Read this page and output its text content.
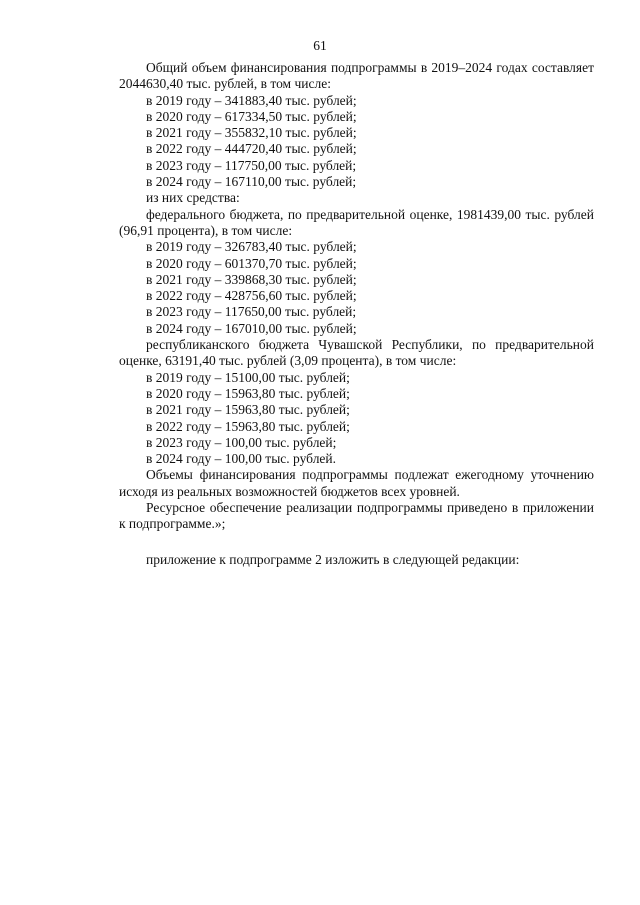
61

Общий объем финансирования подпрограммы в 2019–2024 годах составляет 2044630,40 тыс. рублей, в том числе:

в 2019 году – 341883,40 тыс. рублей;

в 2020 году – 617334,50 тыс. рублей;

в 2021 году – 355832,10 тыс. рублей;

в 2022 году – 444720,40 тыс. рублей;

в 2023 году – 117750,00 тыс. рублей;

в 2024 году – 167110,00 тыс. рублей;

из них средства:

федерального бюджета, по предварительной оценке, 1981439,00 тыс. рублей (96,91 процента), в том числе:

в 2019 году – 326783,40 тыс. рублей;

в 2020 году – 601370,70 тыс. рублей;

в 2021 году – 339868,30 тыс. рублей;

в 2022 году – 428756,60 тыс. рублей;

в 2023 году – 117650,00 тыс. рублей;

в 2024 году – 167010,00 тыс. рублей;

республиканского бюджета Чувашской Республики, по предварительной оценке, 63191,40 тыс. рублей (3,09 процента), в том числе:

в 2019 году – 15100,00 тыс. рублей;

в 2020 году – 15963,80 тыс. рублей;

в 2021 году – 15963,80 тыс. рублей;

в 2022 году – 15963,80 тыс. рублей;

в 2023 году – 100,00 тыс. рублей;

в 2024 году – 100,00 тыс. рублей.

Объемы финансирования подпрограммы подлежат ежегодному уточнению исходя из реальных возможностей бюджетов всех уровней.

Ресурсное обеспечение реализации подпрограммы приведено в приложении к подпрограмме.»;

приложение к подпрограмме 2 изложить в следующей редакции:
